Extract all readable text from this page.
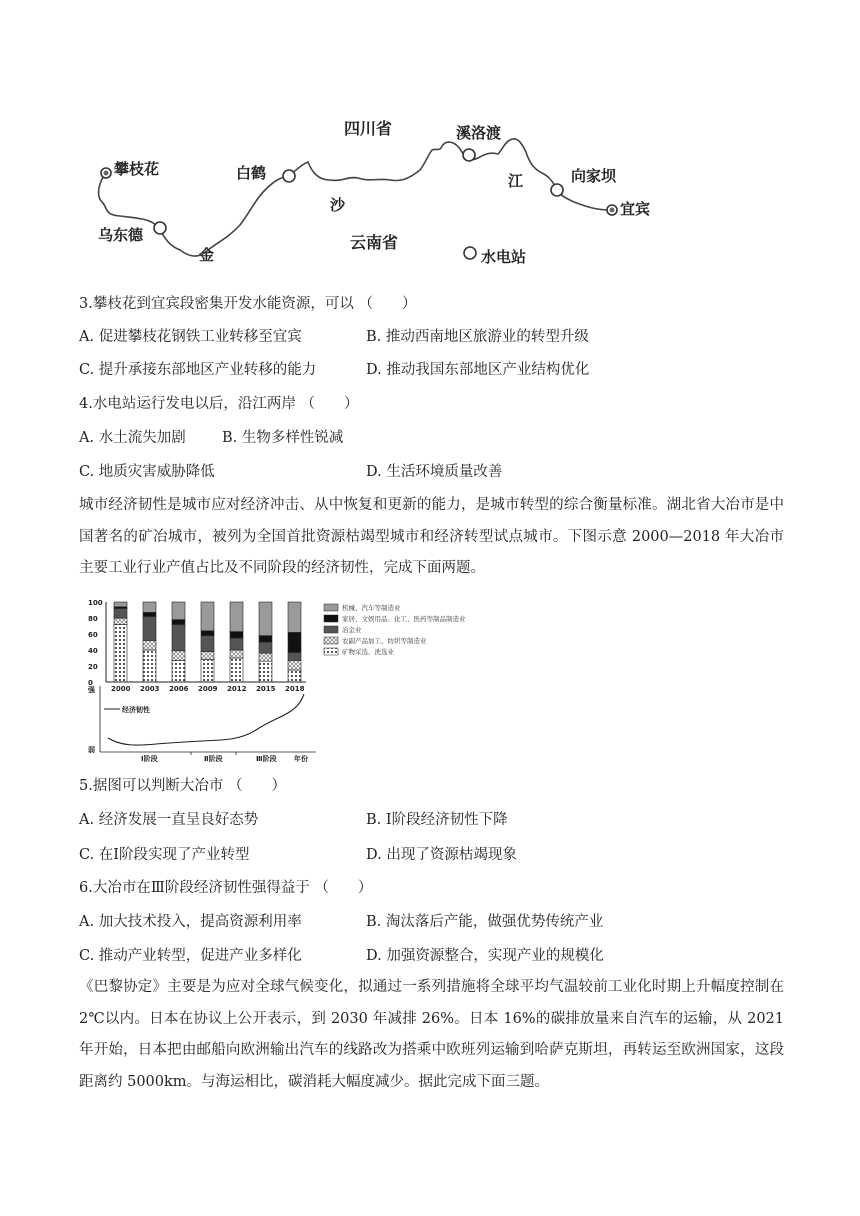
四川省
云南省
金
沙
江
攀枝花
乌东德
白鹤
溪洛渡
向家坝
宜宾
水电站
3.攀枝花到宜宾段密集开发水能资源，可以 （　　）
A. 促进攀枝花钢铁工业转移至宜宾	B. 推动西南地区旅游业的转型升级
C. 提升承接东部地区产业转移的能力	D. 推动我国东部地区产业结构优化
4.水电站运行发电以后，沿江两岸 （　　）
A. 水土流失加剧	B. 生物多样性锐减
C. 地质灾害威胁降低	D. 生活环境质量改善
城市经济韧性是城市应对经济冲击、从中恢复和更新的能力，是城市转型的综合衡量标准。湖北省大冶市是中国著名的矿冶城市，被列为全国首批资源枯竭型城市和经济转型试点城市。下图示意 2000—2018 年大冶市主要工业行业产值占比及不同阶段的经济韧性，完成下面两题。
100
80
60
40
20
0
2000 2003 2006 2009 2012 2015 2018
机械、汽车等制造业
家居、文娱用品、化工、医药等制品制造业
冶金业
农副产品加工、纺织等制造业
矿物采选、洗选业
经济韧性
强
弱
Ⅰ阶段	Ⅱ阶段	Ⅲ阶段 年份
5.据图可以判断大冶市 （　　）
A. 经济发展一直呈良好态势	B. Ⅰ阶段经济韧性下降
C. 在Ⅰ阶段实现了产业转型	D. 出现了资源枯竭现象
6.大冶市在Ⅲ阶段经济韧性强得益于 （　　）
A. 加大技术投入，提高资源利用率	B. 淘汰落后产能，做强优势传统产业
C. 推动产业转型，促进产业多样化	D. 加强资源整合，实现产业的规模化
《巴黎协定》主要是为应对全球气候变化，拟通过一系列措施将全球平均气温较前工业化时期上升幅度控制在 2℃以内。日本在协议上公开表示，到 2030 年减排 26%。日本 16%的碳排放量来自汽车的运输，从 2021 年开始，日本把由邮船向欧洲输出汽车的线路改为搭乘中欧班列运输到哈萨克斯坦，再转运至欧洲国家，这段距离约 5000km。与海运相比，碳消耗大幅度减少。据此完成下面三题。
